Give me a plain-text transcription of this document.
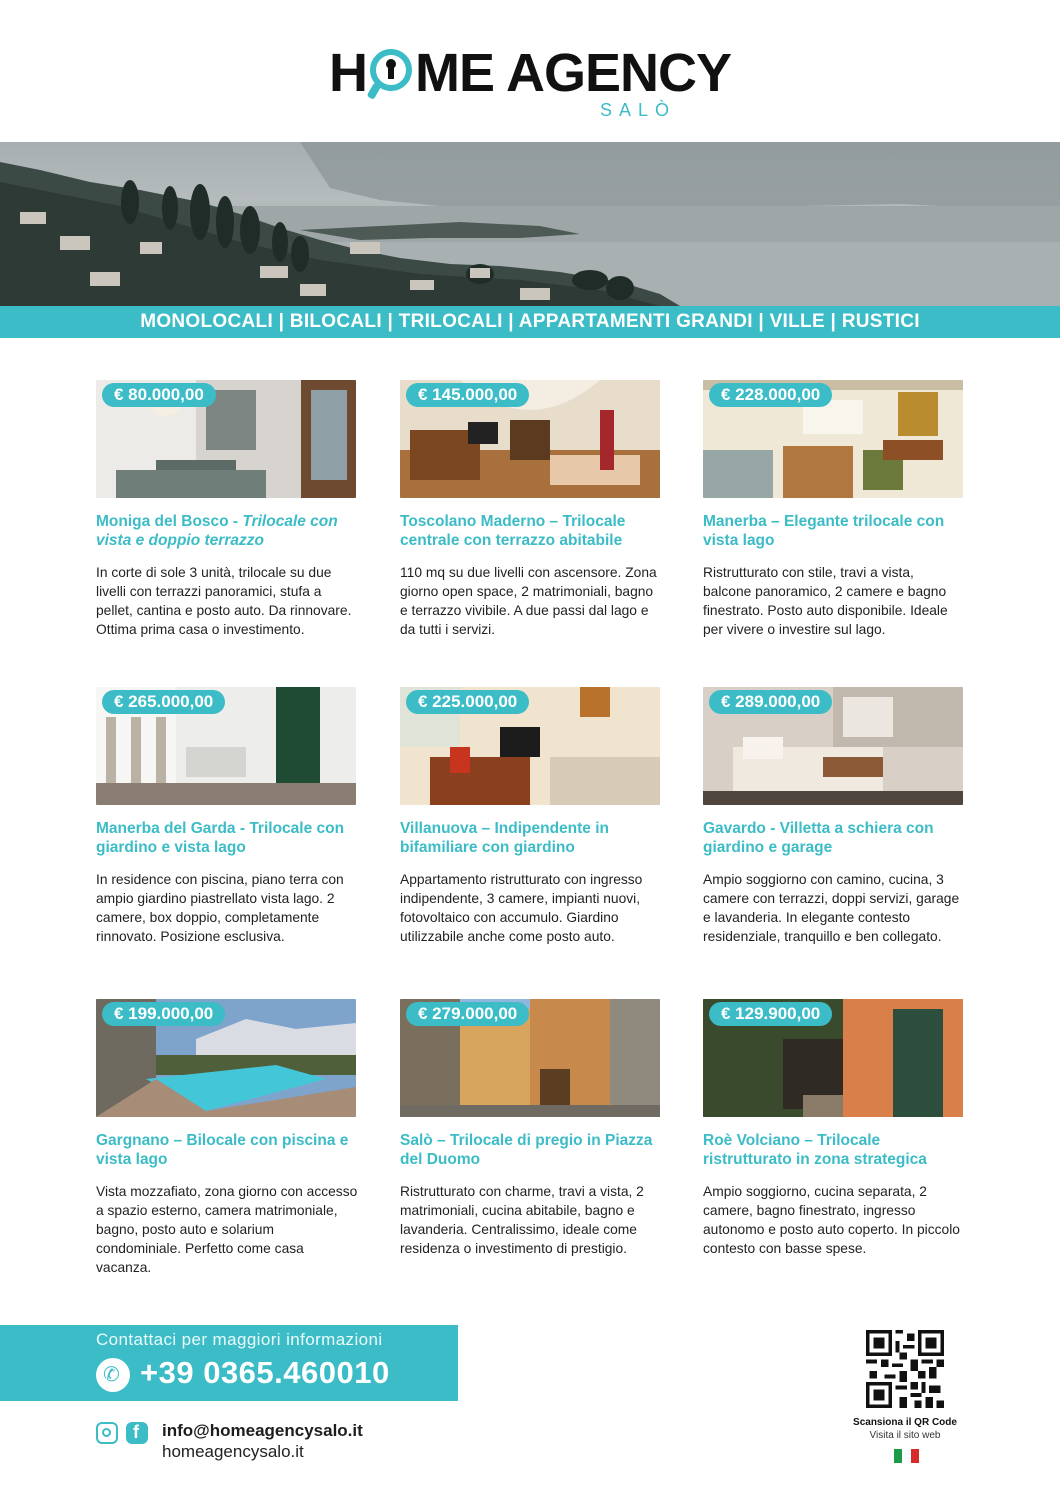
H ME AGENCY
SALÒ
MONOLOCALI | BILOCALI | TRILOCALI | APPARTAMENTI GRANDI | VILLE | RUSTICI
€ 80.000,00
Moniga del Bosco - Trilocale con vista e doppio terrazzo

In corte di sole 3 unità, trilocale su due livelli con terrazzi panoramici, stufa a pellet, cantina e posto auto. Da rinnovare. Ottima prima casa o investimento.

€ 145.000,00
Toscolano Maderno – Trilocale centrale con terrazzo abitabile

110 mq su due livelli con ascensore. Zona giorno open space, 2 matrimoniali, bagno e terrazzo vivibile. A due passi dal lago e da tutti i servizi.

€ 228.000,00
Manerba – Elegante trilocale con vista lago

Ristrutturato con stile, travi a vista, balcone panoramico, 2 camere e bagno finestrato. Posto auto disponibile. Ideale per vivere o investire sul lago.

€ 265.000,00
Manerba del Garda - Trilocale con giardino e vista lago

In residence con piscina, piano terra con ampio giardino piastrellato vista lago. 2 camere, box doppio, completamente rinnovato. Posizione esclusiva.

€ 225.000,00
Villanuova – Indipendente in bifamiliare con giardino

Appartamento ristrutturato con ingresso indipendente, 3 camere, impianti nuovi, fotovoltaico con accumulo. Giardino utilizzabile anche come posto auto.

€ 289.000,00
Gavardo - Villetta a schiera con giardino e garage

Ampio soggiorno con camino, cucina, 3 camere con terrazzi, doppi servizi, garage e lavanderia. In elegante contesto residenziale, tranquillo e ben collegato.

€ 199.000,00
Gargnano – Bilocale con piscina e vista lago

Vista mozzafiato, zona giorno con accesso a spazio esterno, camera matrimoniale, bagno, posto auto e solarium condominiale. Perfetto come casa vacanza.

€ 279.000,00
Salò – Trilocale di pregio in Piazza del Duomo

Ristrutturato con charme, travi a vista, 2 matrimoniali, cucina abitabile, bagno e lavanderia. Centralissimo, ideale come residenza o investimento di prestigio.

€ 129.900,00
Roè Volciano – Trilocale ristrutturato in zona strategica

Ampio soggiorno, cucina separata, 2 camere, bagno finestrato, ingresso autonomo e posto auto coperto. In piccolo contesto con basse spese.

Contattaci per maggiori informazioni
✆ +39 0365.460010
f
info@homeagencysalo.it
homeagencysalo.it
Scansiona il QR Code
Visita il sito web
